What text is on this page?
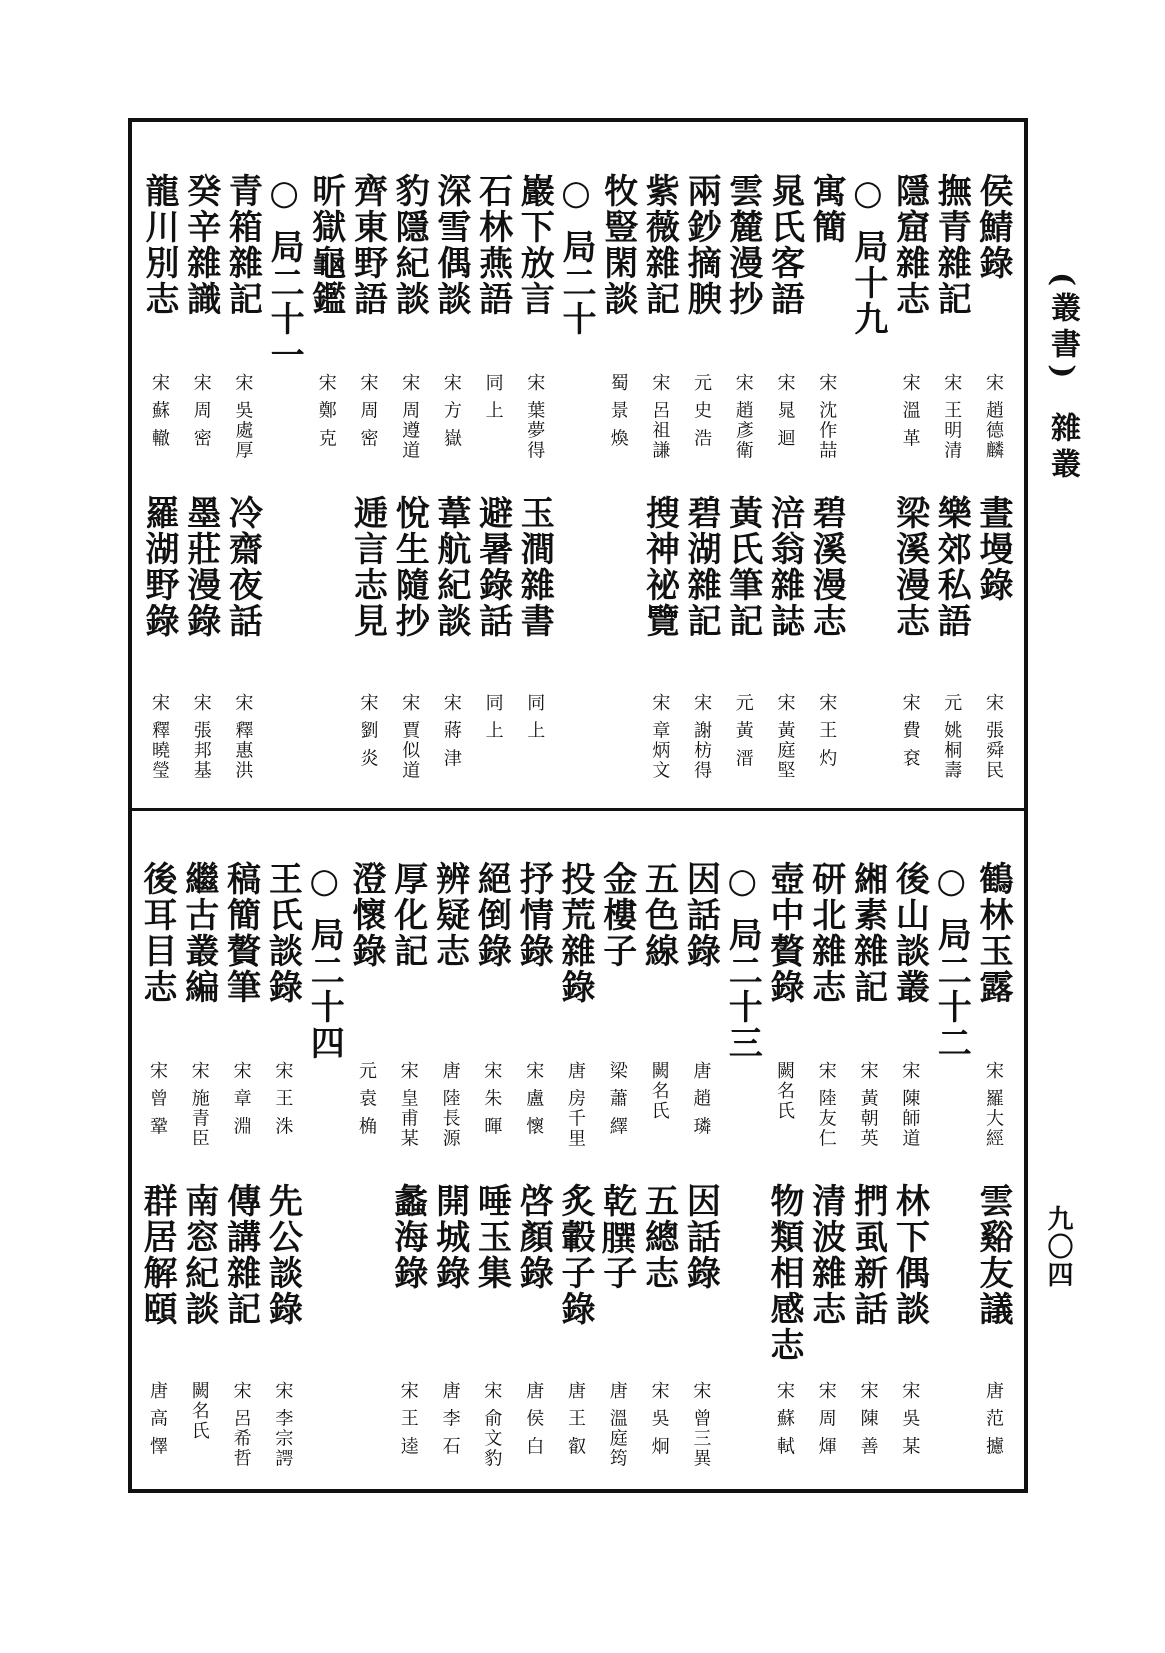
(叢書)
雜叢
九〇四
侯鯖錄
宋 趙德麟
晝墁錄
宋 張舜民
撫青雜記
宋 王明清
樂郊私語
元 姚桐壽
隱窟雜志
宋 溫 革
梁溪漫志
宋 費 袞
○ 局十九
寓簡
宋 沈作喆
碧溪漫志
宋 王 灼
晁氏客語
宋 晁 迴
涪翁雜誌
宋 黃庭堅
雲麓漫抄
宋 趙彥衛
黃氏筆記
元 黃 溍
兩鈔摘腴
元 史 浩
碧湖雜記
宋 謝枋得
紫薇雜記
宋 呂祖謙
搜神祕覽
宋 章炳文
牧豎閑談
蜀 景 煥
○ 局二十
巖下放言
宋 葉夢得
玉澗雜書
同 上
石林燕語
同 上
避暑錄話
同 上
深雪偶談
宋 方 嶽
葦航紀談
宋 蔣 津
豹隱紀談
宋 周遵道
悅生隨抄
宋 賈似道
齊東野語
宋 周 密
逓言志見
宋 劉 炎
昕獄龜鑑
宋 鄭 克
○ 局二十一
青箱雜記
宋 吳處厚
冷齋夜話
宋 釋惠洪
癸辛雜識
宋 周 密
墨莊漫錄
宋 張邦基
龍川別志
宋 蘇 轍
羅湖野錄
宋 釋曉瑩
鶴林玉露
宋 羅大經
雲谿友議
唐 范 攄
○ 局二十二
後山談叢
宋 陳師道
林下偶談
宋 吳 某
緗素雜記
宋 黃朝英
捫虱新話
宋 陳 善
研北雜志
宋 陸友仁
清波雜志
宋 周 煇
壺中贅錄
闕名氏
物類相感志
宋 蘇 軾
○ 局二十三
因話錄
唐 趙 璘
因話錄
宋 曾三異
五色線
闕名氏
五總志
宋 吳 炯
金樓子
梁 蕭 繹
乾𦠆子
唐 溫庭筠
投荒雜錄
唐 房千里
炙轂子錄
唐 王 叡
抒情錄
宋 盧 懷
啓顏錄
唐 侯 白
絕倒錄
宋 朱 暉
唾玉集
宋 俞文豹
辨疑志
唐 陸長源
開城錄
唐 李 石
厚化記
宋 皇甫某
蠡海錄
宋 王 逵
澄懷錄
元 袁 桷
○ 局二十四
王氏談錄
宋 王 洙
先公談錄
宋 李宗諤
稿簡贅筆
宋 章 淵
傳講雜記
宋 呂希哲
繼古叢編
宋 施青臣
南窓紀談
闕名氏
後耳目志
宋 曾 鞏
群居解頤
唐 高 懌
